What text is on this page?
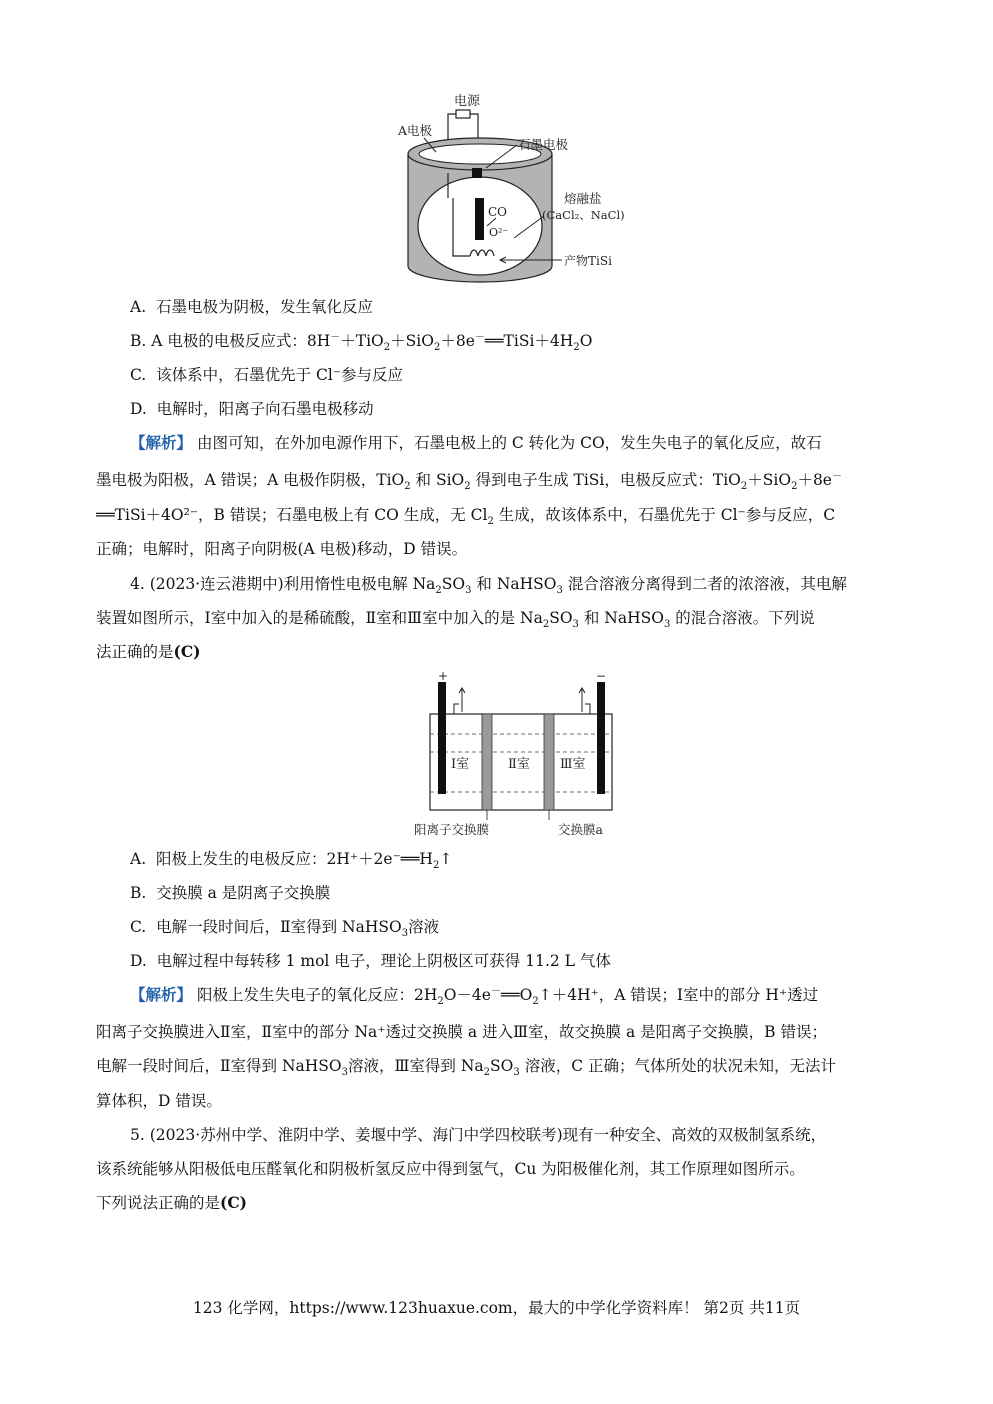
电源
CO
O²⁻
A电极
石墨电极
熔融盐
(CaCl₂、NaCl)
产物TiSi
A. 石墨电极为阴极，发生氧化反应
B. A 电极的电极反应式：$8H^-+TiO_2+SiO_2+8e^-══TiSi+4H_2O$
C. 该体系中，石墨优先于 Cl⁻参与反应
D. 电解时，阳离子向石墨电极移动
【解析】 由图可知，在外加电源作用下，石墨电极上的 C 转化为 CO，发生失电子的氧化反应，故石
墨电极为阳极，A 错误；A 电极作阴极，TiO$_2$ 和 SiO$_2$ 得到电子生成 TiSi，电极反应式：TiO$_2$＋SiO$_2$＋8e－
══TiSi＋4O²⁻，B 错误；石墨电极上有 CO 生成，无 $Cl_2$ 生成，故该体系中，石墨优先于 Cl⁻参与反应，C
正确；电解时，阳离子向阴极(A 电极)移动，D 错误。
4. (2023·连云港期中)利用惰性电极电解 $Na_2SO_3$ 和 NaHSO$_3$ 混合溶液分离得到二者的浓溶液，其电解
装置如图所示，Ⅰ室中加入的是稀硫酸，Ⅱ室和Ⅲ室中加入的是 $Na_2SO_3$ 和 NaHSO$_3$ 的混合溶液。下列说
法正确的是(C)
+	−
Ⅰ室	Ⅱ室 Ⅲ室
阳离子交换膜	交换膜a
A. 阳极上发生的电极反应：$2H^++2e^-══H_2↑$
B. 交换膜 a 是阴离子交换膜
C. 电解一段时间后，Ⅱ室得到 NaHSO$_3$溶液
D. 电解过程中每转移 1 mol 电子，理论上阴极区可获得 11.2 L 气体
【解析】 阳极上发生失电子的氧化反应：$2H_2O-4e^-══O_2↑+4H^+$，A 错误；Ⅰ室中的部分 H⁺透过
阳离子交换膜进入Ⅱ室，Ⅱ室中的部分 Na⁺透过交换膜 a 进入Ⅲ室，故交换膜 a 是阳离子交换膜，B 错误；
电解一段时间后，Ⅱ室得到 NaHSO$_3$溶液，Ⅲ室得到 $Na_2SO_3$ 溶液，C 正确；气体所处的状况未知，无法计
算体积，D 错误。
5. (2023·苏州中学、淮阴中学、姜堰中学、海门中学四校联考)现有一种安全、高效的双极制氢系统，
该系统能够从阳极低电压醛氧化和阴极析氢反应中得到氢气，Cu 为阳极催化剂，其工作原理如图所示。
下列说法正确的是(C)
123 化学网，https://www.123huaxue.com，最大的中学化学资料库！ 第2页 共11页
